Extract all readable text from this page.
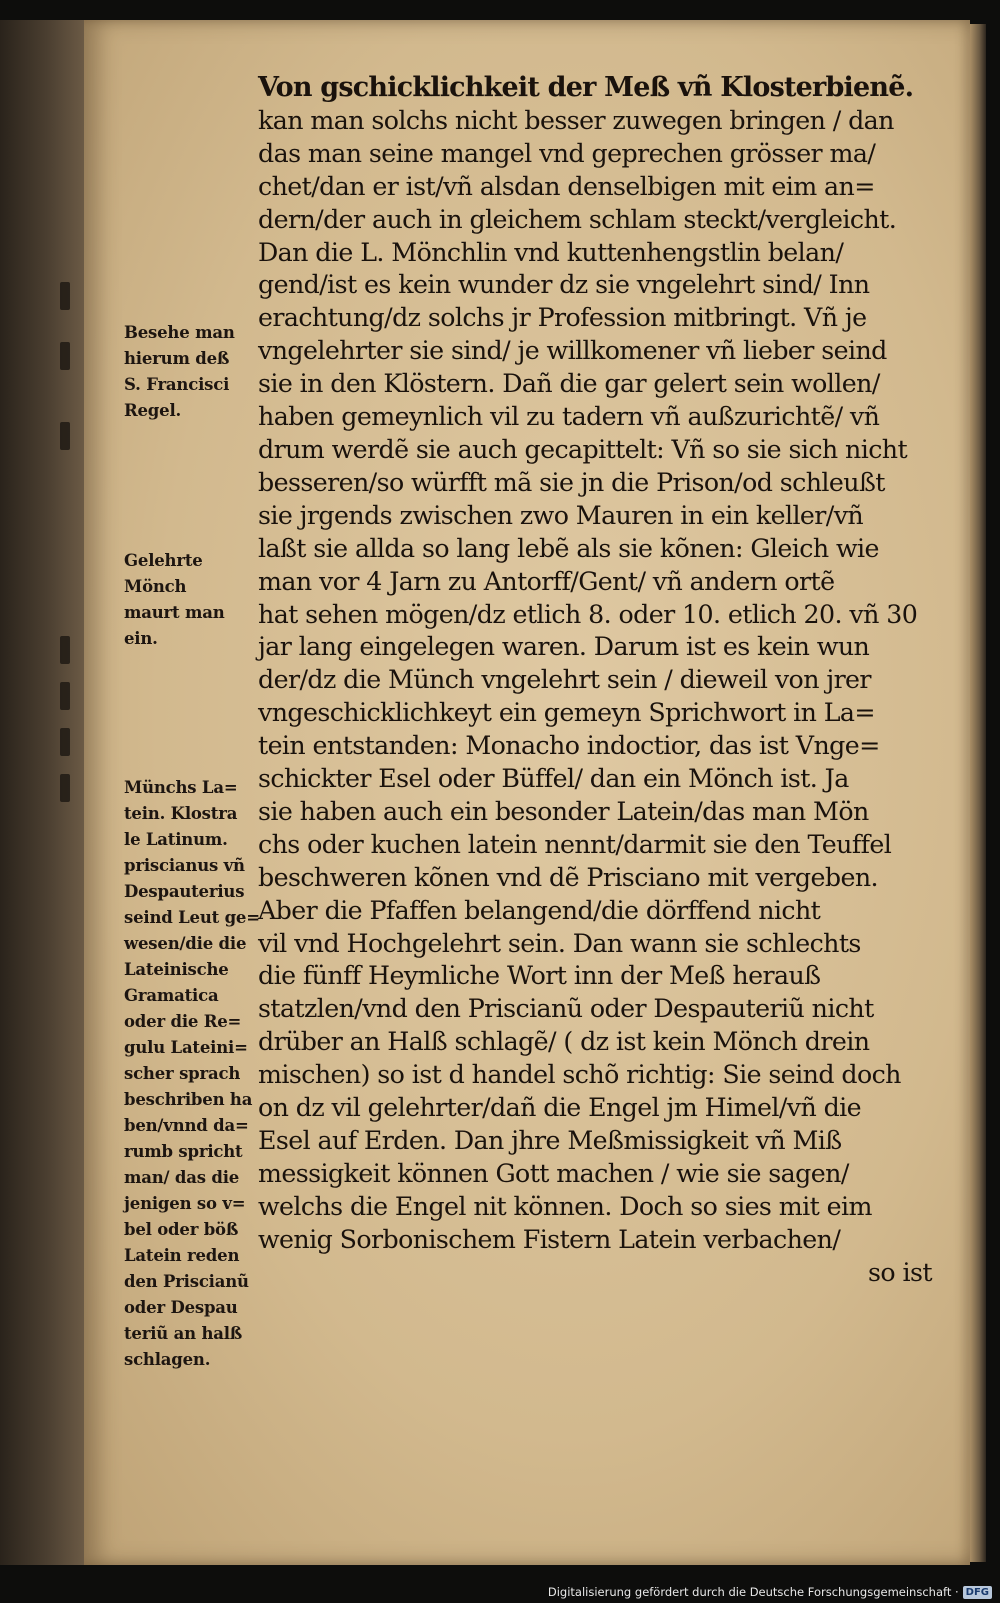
Besehe man
hierum deß
S. Francisci
Regel.
Gelehrte
Mönch
maurt man
ein.
Münchs La=
tein. Klostra
le Latinum.
priscianus vñ
Despauterius
seind Leut ge=
wesen/die die
Lateinische
Gramatica
oder die Re=
gulu Lateini=
scher sprach
beschriben ha
ben/vnnd da=
rumb spricht
man/ das die
jenigen so v=
bel oder böß
Latein reden
den Priscianũ
oder Despau
teriũ an halß
schlagen.
Von gschicklichkeit der Meß vñ Klosterbienẽ.
kan man solchs nicht besser zuwegen bringen / dan
das man seine mangel vnd geprechen grösser ma/
chet/dan er ist/vñ alsdan denselbigen mit eim an=
dern/der auch in gleichem schlam steckt/vergleicht.
Dan die L. Mönchlin vnd kuttenhengstlin belan/
gend/ist es kein wunder dz sie vngelehrt sind/ Inn
erachtung/dz solchs jr Profession mitbringt. Vñ je
vngelehrter sie sind/ je willkomener vñ lieber seind
sie in den Klöstern. Dañ die gar gelert sein wollen/
haben gemeynlich vil zu tadern vñ außzurichtẽ/ vñ
drum werdẽ sie auch gecapittelt: Vñ so sie sich nicht
besseren/so würfft mã sie jn die Prison/od schleußt
sie jrgends zwischen zwo Mauren in ein keller/vñ
laßt sie allda so lang lebẽ als sie kõnen: Gleich wie
man vor 4 Jarn zu Antorff/Gent/ vñ andern ortẽ
hat sehen mögen/dz etlich 8. oder 10. etlich 20. vñ 30
jar lang eingelegen waren. Darum ist es kein wun
der/dz die Münch vngelehrt sein / dieweil von jrer
vngeschicklichkeyt ein gemeyn Sprichwort in La=
tein entstanden: Monacho indoctior, das ist Vnge=
schickter Esel oder Büffel/ dan ein Mönch ist. Ja
sie haben auch ein besonder Latein/das man Mön
chs oder kuchen latein nennt/darmit sie den Teuffel
beschweren kõnen vnd dẽ Prisciano mit vergeben.
Aber die Pfaffen belangend/die dörffend nicht
vil vnd Hochgelehrt sein. Dan wann sie schlechts
die fünff Heymliche Wort inn der Meß herauß
statzlen/vnd den Priscianũ oder Despauteriũ nicht
drüber an Halß schlagẽ/ ( dz ist kein Mönch drein
mischen) so ist d handel schõ richtig: Sie seind doch
on dz vil gelehrter/dañ die Engel jm Himel/vñ die
Esel auf Erden. Dan jhre Meßmissigkeit vñ Miß
messigkeit können Gott machen / wie sie sagen/
welchs die Engel nit können. Doch so sies mit eim
wenig Sorbonischem Fistern Latein verbachen/
so ist
Digitalisierung gefördert durch die Deutsche Forschungsgemeinschaft · DFG
